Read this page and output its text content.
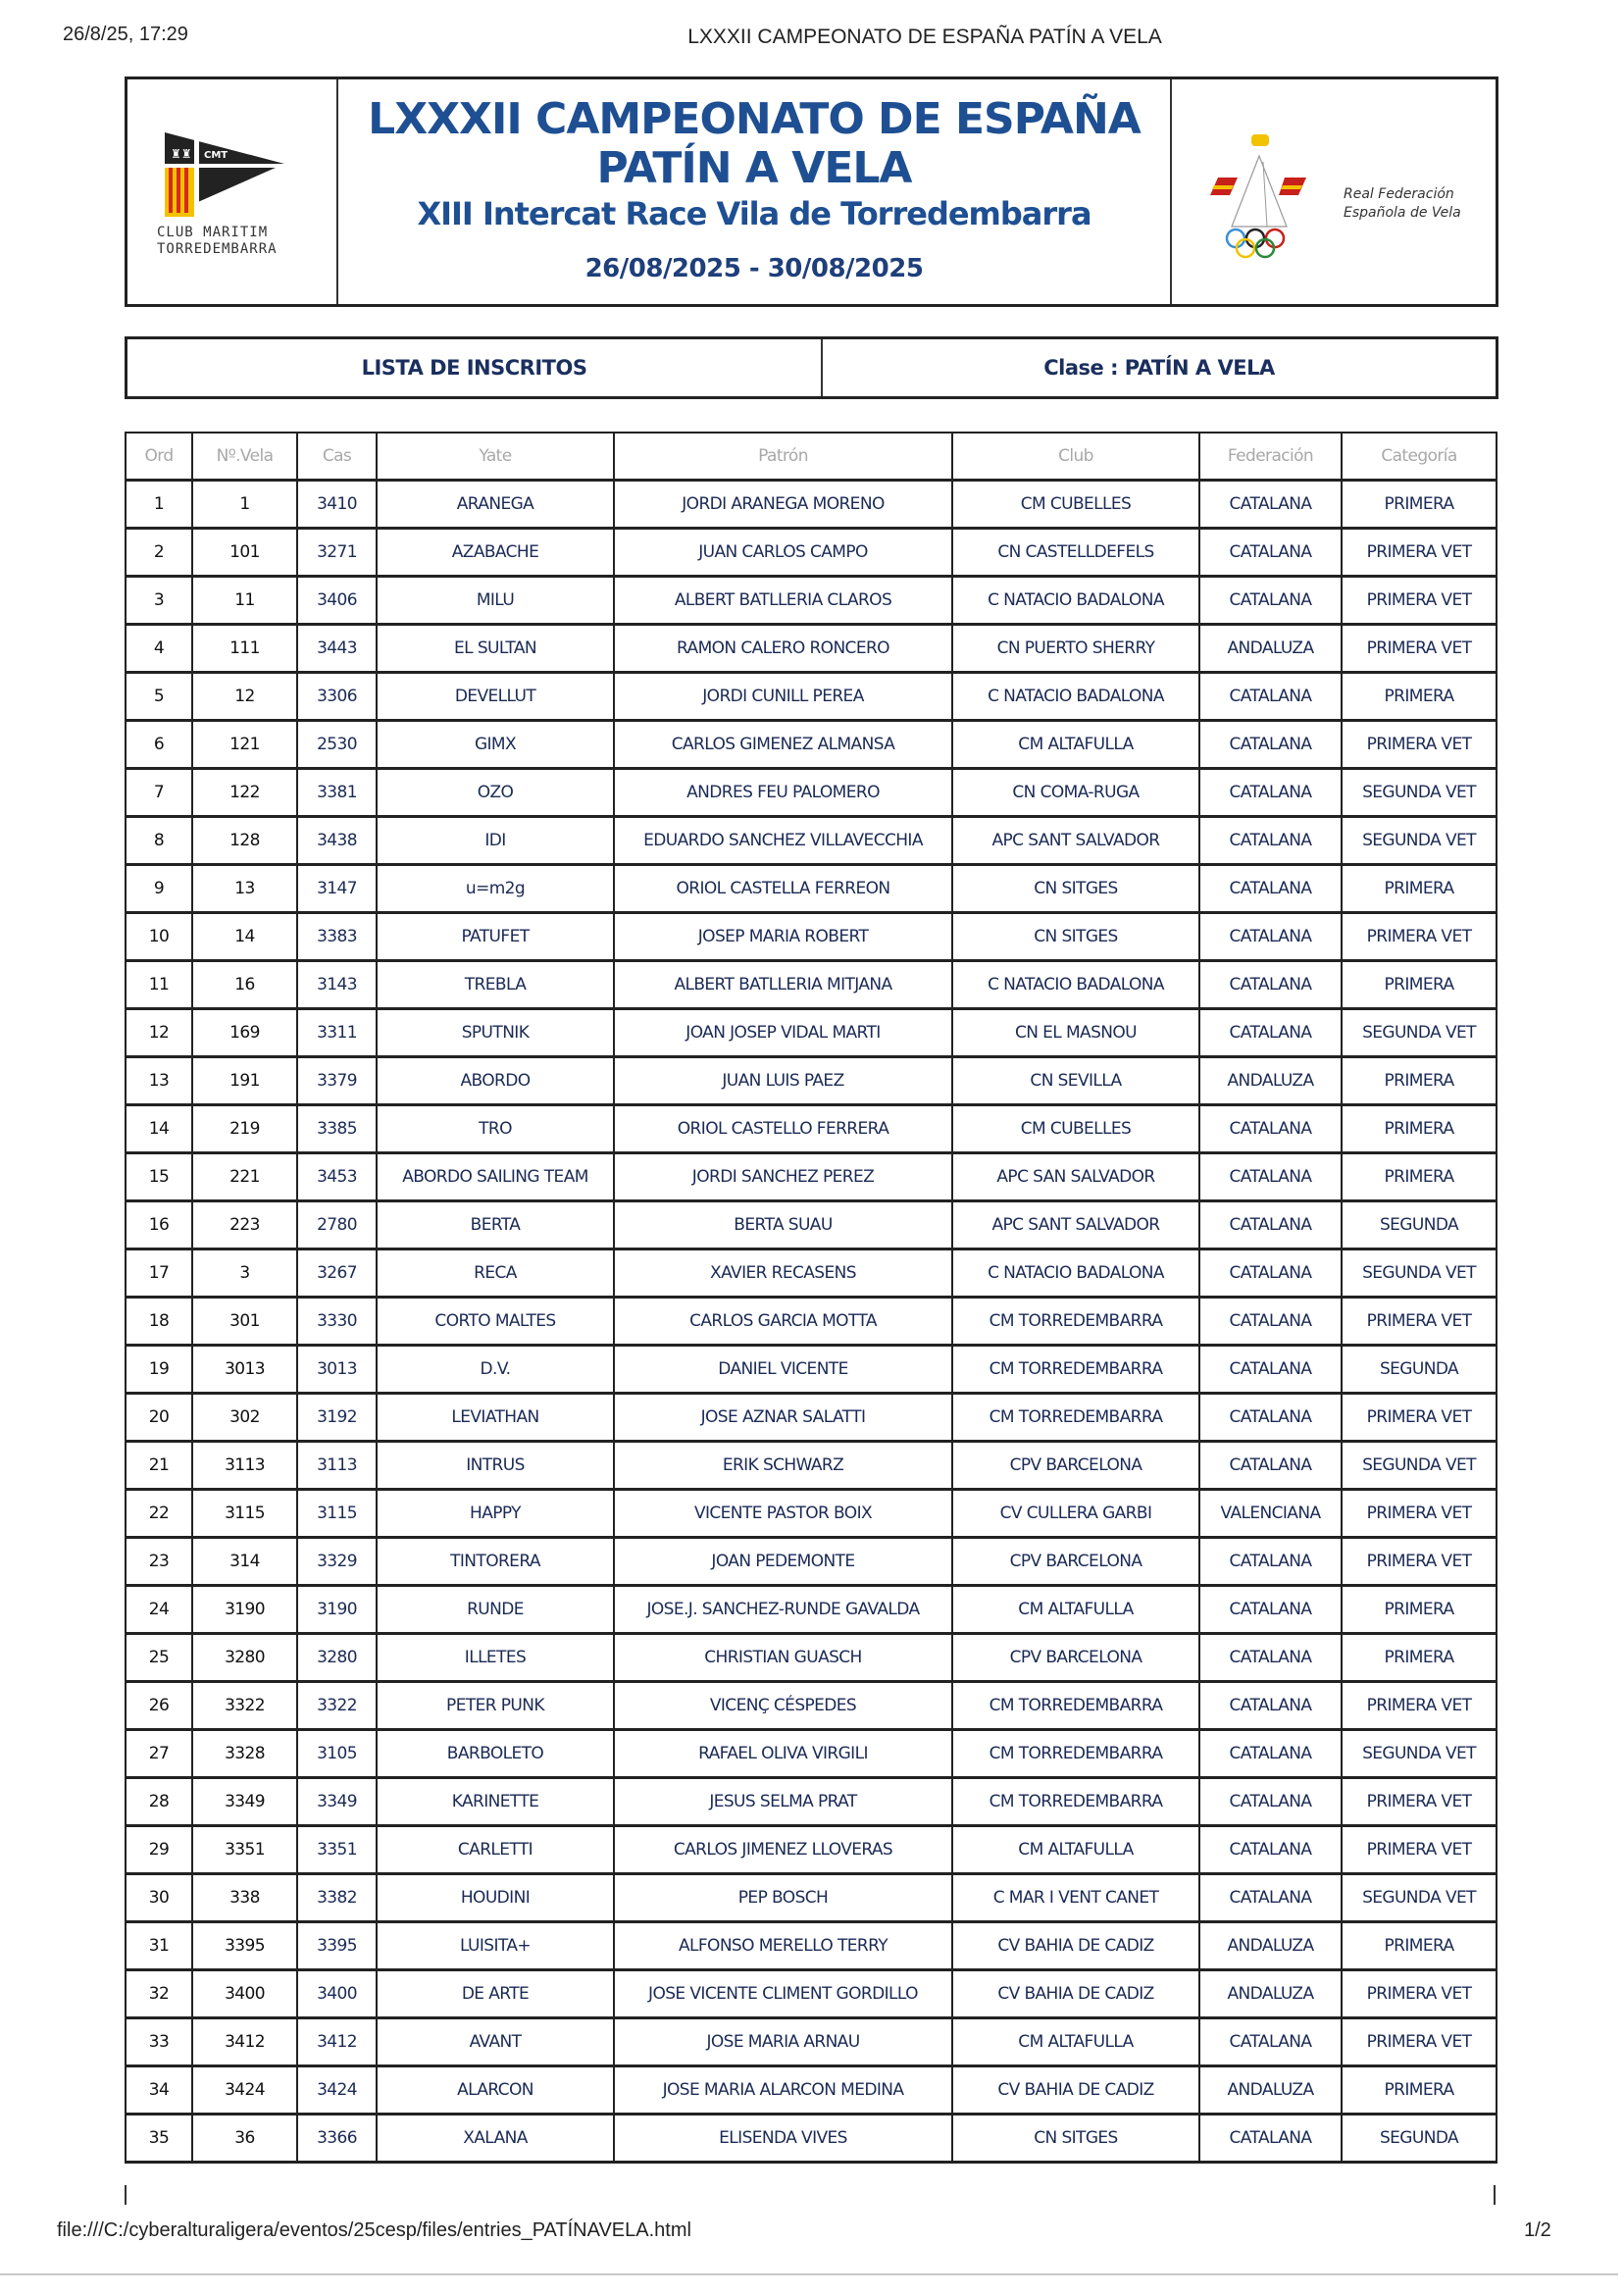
26/8/25, 17:29	LXXXII CAMPEONATO DE ESPAÑA PATÍN A VELA
CMT
♜♜
CLUB MARITIM
TORREDEMBARRA
LXXXII CAMPEONATO DE ESPAÑA
PATÍN A VELA
XIII Intercat Race Vila de Torredembarra
26/08/2025 - 30/08/2025
Real Federación
Española de Vela
LISTA DE INSCRITOS	Clase : PATÍN A VELA
Ord	Nº.Vela	Cas	Yate	Patrón	Club	Federación	Categoría
1	1	3410	ARANEGA	JORDI ARANEGA MORENO	CM CUBELLES	CATALANA	PRIMERA
2	101	3271	AZABACHE	JUAN CARLOS CAMPO	CN CASTELLDEFELS	CATALANA	PRIMERA VET
3	11	3406	MILU	ALBERT BATLLERIA CLAROS	C NATACIO BADALONA	CATALANA	PRIMERA VET
4	111	3443	EL SULTAN	RAMON CALERO RONCERO	CN PUERTO SHERRY	ANDALUZA	PRIMERA VET
5	12	3306	DEVELLUT	JORDI CUNILL PEREA	C NATACIO BADALONA	CATALANA	PRIMERA
6	121	2530	GIMX	CARLOS GIMENEZ ALMANSA	CM ALTAFULLA	CATALANA	PRIMERA VET
7	122	3381	OZO	ANDRES FEU PALOMERO	CN COMA-RUGA	CATALANA	SEGUNDA VET
8	128	3438	IDI	EDUARDO SANCHEZ VILLAVECCHIA	APC SANT SALVADOR	CATALANA	SEGUNDA VET
9	13	3147	u=m2g	ORIOL CASTELLA FERREON	CN SITGES	CATALANA	PRIMERA
10	14	3383	PATUFET	JOSEP MARIA ROBERT	CN SITGES	CATALANA	PRIMERA VET
11	16	3143	TREBLA	ALBERT BATLLERIA MITJANA	C NATACIO BADALONA	CATALANA	PRIMERA
12	169	3311	SPUTNIK	JOAN JOSEP VIDAL MARTI	CN EL MASNOU	CATALANA	SEGUNDA VET
13	191	3379	ABORDO	JUAN LUIS PAEZ	CN SEVILLA	ANDALUZA	PRIMERA
14	219	3385	TRO	ORIOL CASTELLO FERRERA	CM CUBELLES	CATALANA	PRIMERA
15	221	3453	ABORDO SAILING TEAM	JORDI SANCHEZ PEREZ	APC SAN SALVADOR	CATALANA	PRIMERA
16	223	2780	BERTA	BERTA SUAU	APC SANT SALVADOR	CATALANA	SEGUNDA
17	3	3267	RECA	XAVIER RECASENS	C NATACIO BADALONA	CATALANA	SEGUNDA VET
18	301	3330	CORTO MALTES	CARLOS GARCIA MOTTA	CM TORREDEMBARRA	CATALANA	PRIMERA VET
19	3013	3013	D.V.	DANIEL VICENTE	CM TORREDEMBARRA	CATALANA	SEGUNDA
20	302	3192	LEVIATHAN	JOSE AZNAR SALATTI	CM TORREDEMBARRA	CATALANA	PRIMERA VET
21	3113	3113	INTRUS	ERIK SCHWARZ	CPV BARCELONA	CATALANA	SEGUNDA VET
22	3115	3115	HAPPY	VICENTE PASTOR BOIX	CV CULLERA GARBI	VALENCIANA	PRIMERA VET
23	314	3329	TINTORERA	JOAN PEDEMONTE	CPV BARCELONA	CATALANA	PRIMERA VET
24	3190	3190	RUNDE	JOSE.J. SANCHEZ-RUNDE GAVALDA	CM ALTAFULLA	CATALANA	PRIMERA
25	3280	3280	ILLETES	CHRISTIAN GUASCH	CPV BARCELONA	CATALANA	PRIMERA
26	3322	3322	PETER PUNK	VICENÇ CÉSPEDES	CM TORREDEMBARRA	CATALANA	PRIMERA VET
27	3328	3105	BARBOLETO	RAFAEL OLIVA VIRGILI	CM TORREDEMBARRA	CATALANA	SEGUNDA VET
28	3349	3349	KARINETTE	JESUS SELMA PRAT	CM TORREDEMBARRA	CATALANA	PRIMERA VET
29	3351	3351	CARLETTI	CARLOS JIMENEZ LLOVERAS	CM ALTAFULLA	CATALANA	PRIMERA VET
30	338	3382	HOUDINI	PEP BOSCH	C MAR I VENT CANET	CATALANA	SEGUNDA VET
31	3395	3395	LUISITA+	ALFONSO MERELLO TERRY	CV BAHIA DE CADIZ	ANDALUZA	PRIMERA
32	3400	3400	DE ARTE	JOSE VICENTE CLIMENT GORDILLO	CV BAHIA DE CADIZ	ANDALUZA	PRIMERA VET
33	3412	3412	AVANT	JOSE MARIA ARNAU	CM ALTAFULLA	CATALANA	PRIMERA VET
34	3424	3424	ALARCON	JOSE MARIA ALARCON MEDINA	CV BAHIA DE CADIZ	ANDALUZA	PRIMERA
35	36	3366	XALANA	ELISENDA VIVES	CN SITGES	CATALANA	SEGUNDA
file:///C:/cyberalturaligera/eventos/25cesp/files/entries_PATÍNAVELA.html	1/2
